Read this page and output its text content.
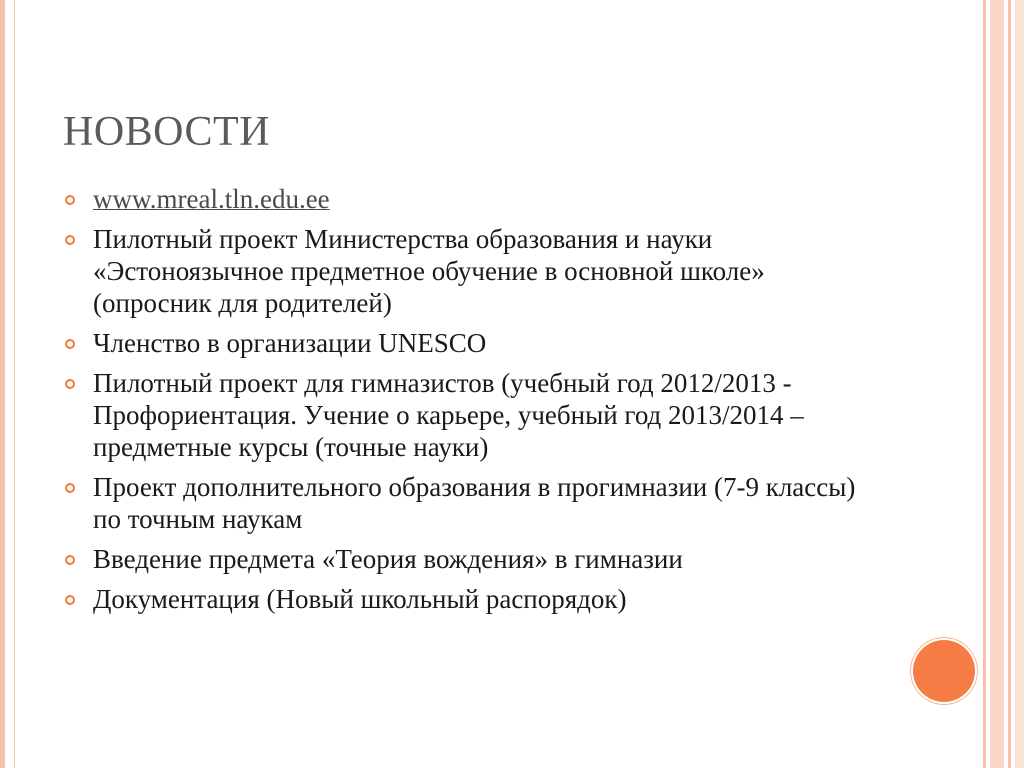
НОВОСТИ
www.mreal.tln.edu.ee
Пилотный проект Министерства образования и науки «Эстоноязычное предметное обучение в основной школе» (опросник для родителей)
Членство в организации UNESCO
Пилотный проект для гимназистов (учебный год 2012/2013 - Профориентация. Учение о карьере, учебный год 2013/2014 – предметные курсы (точные науки)
Проект дополнительного образования в прогимназии (7-9 классы) по точным наукам
Введение предмета «Теория вождения» в гимназии
Документация (Новый школьный распорядок)
